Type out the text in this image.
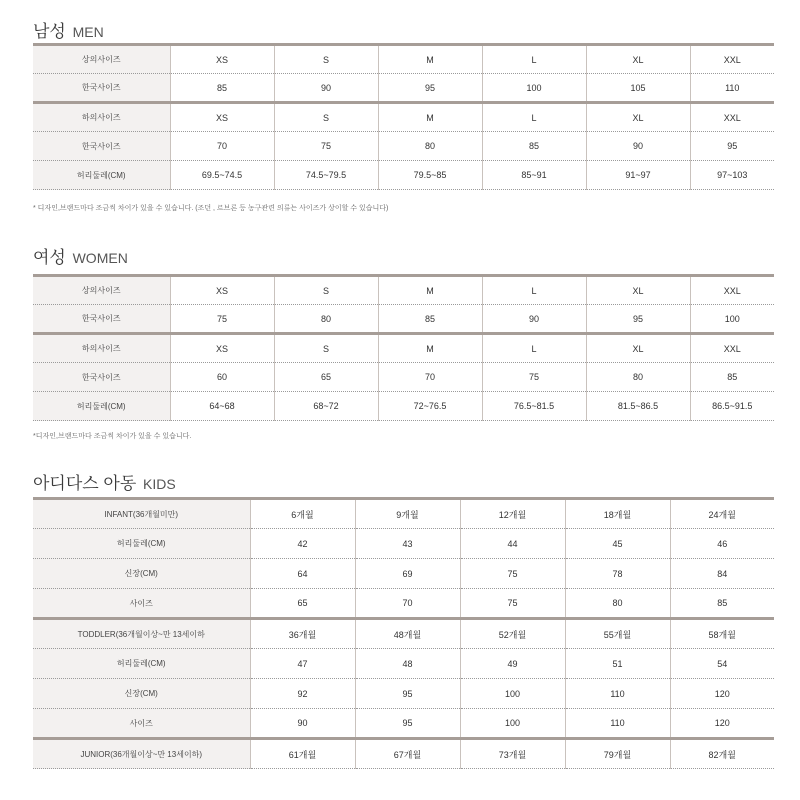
남성 MEN
상의사이즈	XS	S	M	L	XL	XXL
한국사이즈	85	90	95	100	105	110
하의사이즈	XS	S	M	L	XL	XXL
한국사이즈	70	75	80	85	90	95
허리둘레(CM)	69.5~74.5	74.5~79.5	79.5~85	85~91	91~97	97~103
* 디자인,브랜드마다 조금씩 차이가 있을 수 있습니다. (조던 , 르브론 등 농구관련 의류는 사이즈가 상이할 수 있습니다)
여성 WOMEN
상의사이즈	XS	S	M	L	XL	XXL
한국사이즈	75	80	85	90	95	100
하의사이즈	XS	S	M	L	XL	XXL
한국사이즈	60	65	70	75	80	85
허리둘레(CM)	64~68	68~72	72~76.5	76.5~81.5	81.5~86.5	86.5~91.5
*디자인,브랜드마다 조금씩 차이가 있을 수 있습니다.
아디다스 아동 KIDS
INFANT(36개월미만)	6개월	9개월	12개월	18개월	24개월
허리둘레(CM)	42	43	44	45	46
신장(CM)	64	69	75	78	84
사이즈	65	70	75	80	85
TODDLER(36개월이상~만 13세이하	36개월	48개월	52개월	55개월	58개월
허리둘레(CM)	47	48	49	51	54
신장(CM)	92	95	100	110	120
사이즈	90	95	100	110	120
JUNIOR(36개월이상~만 13세이하)	61개월	67개월	73개월	79개월	82개월
